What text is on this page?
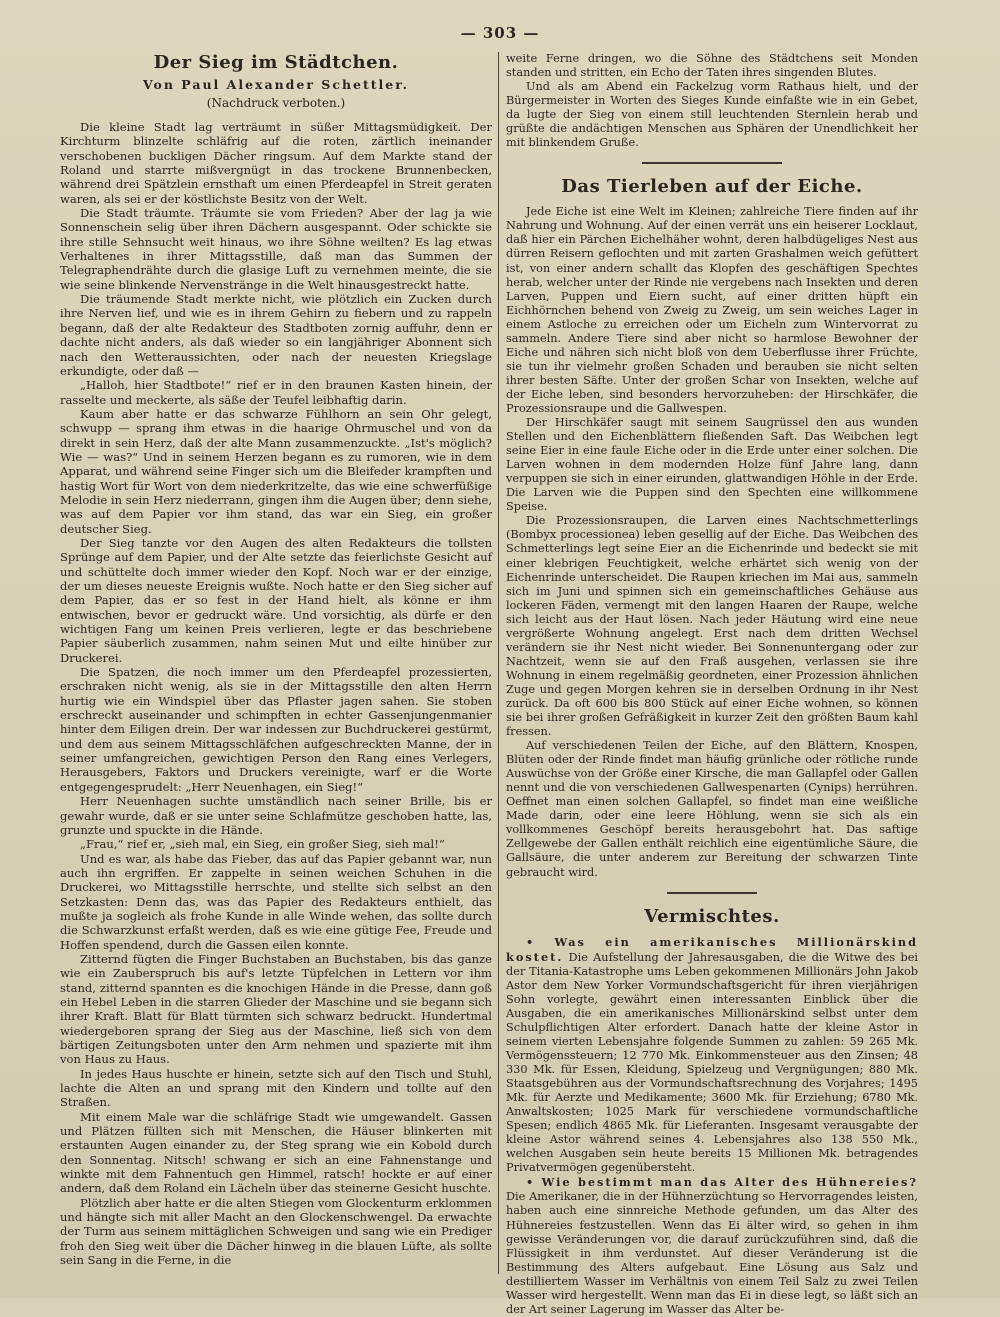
— 303 —
Der Sieg im Städtchen.
Von Paul Alexander Schettler.
(Nachdruck verboten.)

Die kleine Stadt lag verträumt in süßer Mittagsmüdigkeit. Der Kirchturm blinzelte schläfrig auf die roten, zärtlich ineinander verschobenen buckligen Dächer ringsum. Auf dem Markte stand der Roland und starrte mißvergnügt in das trockene Brunnenbecken, während drei Spätzlein ernsthaft um einen Pferdeapfel in Streit geraten waren, als sei er der köstlichste Besitz von der Welt.

Die Stadt träumte. Träumte sie vom Frieden? Aber der lag ja wie Sonnenschein selig über ihren Dächern ausgespannt. Oder schickte sie ihre stille Sehnsucht weit hinaus, wo ihre Söhne weilten? Es lag etwas Verhaltenes in ihrer Mittagsstille, daß man das Summen der Telegraphendrähte durch die glasige Luft zu vernehmen meinte, die sie wie seine blinkende Nervenstränge in die Welt hinausgestreckt hatte.

Die träumende Stadt merkte nicht, wie plötzlich ein Zucken durch ihre Nerven lief, und wie es in ihrem Gehirn zu fiebern und zu rappeln begann, daß der alte Redakteur des Stadtboten zornig auffuhr, denn er dachte nicht anders, als daß wieder so ein langjähriger Abonnent sich nach den Wetteraussichten, oder nach der neuesten Kriegslage erkundigte, oder daß —

„Halloh, hier Stadtbote!“ rief er in den braunen Kasten hinein, der rasselte und meckerte, als säße der Teufel leibhaftig darin.

Kaum aber hatte er das schwarze Fühlhorn an sein Ohr gelegt, schwupp — sprang ihm etwas in die haarige Ohrmuschel und von da direkt in sein Herz, daß der alte Mann zusammenzuckte. „Ist's möglich? Wie — was?“ Und in seinem Herzen begann es zu rumoren, wie in dem Apparat, und während seine Finger sich um die Bleifeder krampften und hastig Wort für Wort von dem niederkritzelte, das wie eine schwerfüßige Melodie in sein Herz niederrann, gingen ihm die Augen über; denn siehe, was auf dem Papier vor ihm stand, das war ein Sieg, ein großer deutscher Sieg.

Der Sieg tanzte vor den Augen des alten Redakteurs die tollsten Sprünge auf dem Papier, und der Alte setzte das feierlichste Gesicht auf und schüttelte doch immer wieder den Kopf. Noch war er der einzige, der um dieses neueste Ereignis wußte. Noch hatte er den Sieg sicher auf dem Papier, das er so fest in der Hand hielt, als könne er ihm entwischen, bevor er gedruckt wäre. Und vorsichtig, als dürfe er den wichtigen Fang um keinen Preis verlieren, legte er das beschriebene Papier säuberlich zusammen, nahm seinen Mut und eilte hinüber zur Druckerei.

Die Spatzen, die noch immer um den Pferdeapfel prozessierten, erschraken nicht wenig, als sie in der Mittagsstille den alten Herrn hurtig wie ein Windspiel über das Pflaster jagen sahen. Sie stoben erschreckt auseinander und schimpften in echter Gassenjungenmanier hinter dem Eiligen drein. Der war indessen zur Buchdruckerei gestürmt, und dem aus seinem Mittagsschläfchen aufgeschreckten Manne, der in seiner umfangreichen, gewichtigen Person den Rang eines Verlegers, Herausgebers, Faktors und Druckers vereinigte, warf er die Worte entgegengesprudelt: „Herr Neuenhagen, ein Sieg!“

Herr Neuenhagen suchte umständlich nach seiner Brille, bis er gewahr wurde, daß er sie unter seine Schlafmütze geschoben hatte, las, grunzte und spuckte in die Hände.

„Frau,“ rief er, „sieh mal, ein Sieg, ein großer Sieg, sieh mal!“

Und es war, als habe das Fieber, das auf das Papier gebannt war, nun auch ihn ergriffen. Er zappelte in seinen weichen Schuhen in die Druckerei, wo Mittagsstille herrschte, und stellte sich selbst an den Setzkasten: Denn das, was das Papier des Redakteurs enthielt, das mußte ja sogleich als frohe Kunde in alle Winde wehen, das sollte durch die Schwarzkunst erfaßt werden, daß es wie eine gütige Fee, Freude und Hoffen spendend, durch die Gassen eilen konnte.

Zitternd fügten die Finger Buchstaben an Buchstaben, bis das ganze wie ein Zauberspruch bis auf's letzte Tüpfelchen in Lettern vor ihm stand, zitternd spannten es die knochigen Hände in die Presse, dann goß ein Hebel Leben in die starren Glieder der Maschine und sie begann sich ihrer Kraft. Blatt für Blatt türmten sich schwarz bedruckt. Hundertmal wiedergeboren sprang der Sieg aus der Maschine, ließ sich von dem bärtigen Zeitungsboten unter den Arm nehmen und spazierte mit ihm von Haus zu Haus.

In jedes Haus huschte er hinein, setzte sich auf den Tisch und Stuhl, lachte die Alten an und sprang mit den Kindern und tollte auf den Straßen.

Mit einem Male war die schläfrige Stadt wie umgewandelt. Gassen und Plätzen füllten sich mit Menschen, die Häuser blinkerten mit erstaunten Augen einander zu, der Steg sprang wie ein Kobold durch den Sonnentag. Nitsch! schwang er sich an eine Fahnenstange und winkte mit dem Fahnentuch gen Himmel, ratsch! hockte er auf einer andern, daß dem Roland ein Lächeln über das steinerne Gesicht huschte.

Plötzlich aber hatte er die alten Stiegen vom Glockenturm erklommen und hängte sich mit aller Macht an den Glockenschwengel. Da erwachte der Turm aus seinem mittäglichen Schweigen und sang wie ein Prediger froh den Sieg weit über die Dächer hinweg in die blauen Lüfte, als sollte sein Sang in die Ferne, in die

weite Ferne dringen, wo die Söhne des Städtchens seit Monden standen und stritten, ein Echo der Taten ihres singenden Blutes.

Und als am Abend ein Fackelzug vorm Rathaus hielt, und der Bürgermeister in Worten des Sieges Kunde einfaßte wie in ein Gebet, da lugte der Sieg von einem still leuchtenden Sternlein herab und grüßte die andächtigen Menschen aus Sphären der Unendlichkeit her mit blinkendem Gruße.

Das Tierleben auf der Eiche.

Jede Eiche ist eine Welt im Kleinen; zahlreiche Tiere finden auf ihr Nahrung und Wohnung. Auf der einen verrät uns ein heiserer Locklaut, daß hier ein Pärchen Eichelhäher wohnt, deren halbdügeliges Nest aus dürren Reisern geflochten und mit zarten Grashalmen weich gefüttert ist, von einer andern schallt das Klopfen des geschäftigen Spechtes herab, welcher unter der Rinde nie vergebens nach Insekten und deren Larven, Puppen und Eiern sucht, auf einer dritten hüpft ein Eichhörnchen behend von Zweig zu Zweig, um sein weiches Lager in einem Astloche zu erreichen oder um Eicheln zum Wintervorrat zu sammeln. Andere Tiere sind aber nicht so harmlose Bewohner der Eiche und nähren sich nicht bloß von dem Ueberflusse ihrer Früchte, sie tun ihr vielmehr großen Schaden und berauben sie nicht selten ihrer besten Säfte. Unter der großen Schar von Insekten, welche auf der Eiche leben, sind besonders hervorzuheben: der Hirschkäfer, die Prozessionsraupe und die Gallwespen.

Der Hirschkäfer saugt mit seinem Saugrüssel den aus wunden Stellen und den Eichenblättern fließenden Saft. Das Weibchen legt seine Eier in eine faule Eiche oder in die Erde unter einer solchen. Die Larven wohnen in dem modernden Holze fünf Jahre lang, dann verpuppen sie sich in einer eirunden, glattwandigen Höhle in der Erde. Die Larven wie die Puppen sind den Spechten eine willkommene Speise.

Die Prozessionsraupen, die Larven eines Nachtschmetterlings (Bombyx processionea) leben gesellig auf der Eiche. Das Weibchen des Schmetterlings legt seine Eier an die Eichenrinde und bedeckt sie mit einer klebrigen Feuchtigkeit, welche erhärtet sich wenig von der Eichenrinde unterscheidet. Die Raupen kriechen im Mai aus, sammeln sich im Juni und spinnen sich ein gemeinschaftliches Gehäuse aus lockeren Fäden, vermengt mit den langen Haaren der Raupe, welche sich leicht aus der Haut lösen. Nach jeder Häutung wird eine neue vergrößerte Wohnung angelegt. Erst nach dem dritten Wechsel verändern sie ihr Nest nicht wieder. Bei Sonnenuntergang oder zur Nachtzeit, wenn sie auf den Fraß ausgehen, verlassen sie ihre Wohnung in einem regelmäßig geordneten, einer Prozession ähnlichen Zuge und gegen Morgen kehren sie in derselben Ordnung in ihr Nest zurück. Da oft 600 bis 800 Stück auf einer Eiche wohnen, so können sie bei ihrer großen Gefräßigkeit in kurzer Zeit den größten Baum kahl fressen.

Auf verschiedenen Teilen der Eiche, auf den Blättern, Knospen, Blüten oder der Rinde findet man häufig grünliche oder rötliche runde Auswüchse von der Größe einer Kirsche, die man Gallapfel oder Gallen nennt und die von verschiedenen Gallwespenarten (Cynips) herrühren. Oeffnet man einen solchen Gallapfel, so findet man eine weißliche Made darin, oder eine leere Höhlung, wenn sie sich als ein vollkommenes Geschöpf bereits herausgebohrt hat. Das saftige Zellgewebe der Gallen enthält reichlich eine eigentümliche Säure, die Gallsäure, die unter anderem zur Bereitung der schwarzen Tinte gebraucht wird.

Vermischtes.

• Was ein amerikanisches Millionärskind kostet. Die Aufstellung der Jahresausgaben, die die Witwe des bei der Titania-Katastrophe ums Leben gekommenen Millionärs John Jakob Astor dem New Yorker Vormundschaftsgericht für ihren vierjährigen Sohn vorlegte, gewährt einen interessanten Einblick über die Ausgaben, die ein amerikanisches Millionärskind selbst unter dem Schulpflichtigen Alter erfordert. Danach hatte der kleine Astor in seinem vierten Lebensjahre folgende Summen zu zahlen: 59 265 Mk. Vermögenssteuern; 12 770 Mk. Einkommensteuer aus den Zinsen; 48 330 Mk. für Essen, Kleidung, Spielzeug und Vergnügungen; 880 Mk. Staatsgebühren aus der Vormundschaftsrechnung des Vorjahres; 1495 Mk. für Aerzte und Medikamente; 3600 Mk. für Erziehung; 6780 Mk. Anwaltskosten; 1025 Mark für verschiedene vormundschaftliche Spesen; endlich 4865 Mk. für Lieferanten. Insgesamt verausgabte der kleine Astor während seines 4. Lebensjahres also 138 550 Mk., welchen Ausgaben sein heute bereits 15 Millionen Mk. betragendes Privatvermögen gegenübersteht.

• Wie bestimmt man das Alter des Hühnereies? Die Amerikaner, die in der Hühnerzüchtung so Hervorragendes leisten, haben auch eine sinnreiche Methode gefunden, um das Alter des Hühnereies festzustellen. Wenn das Ei älter wird, so gehen in ihm gewisse Veränderungen vor, die darauf zurückzuführen sind, daß die Flüssigkeit in ihm verdunstet. Auf dieser Veränderung ist die Bestimmung des Alters aufgebaut. Eine Lösung aus Salz und destilliertem Wasser im Verhältnis von einem Teil Salz zu zwei Teilen Wasser wird hergestellt. Wenn man das Ei in diese legt, so läßt sich an der Art seiner Lagerung im Wasser das Alter be-
